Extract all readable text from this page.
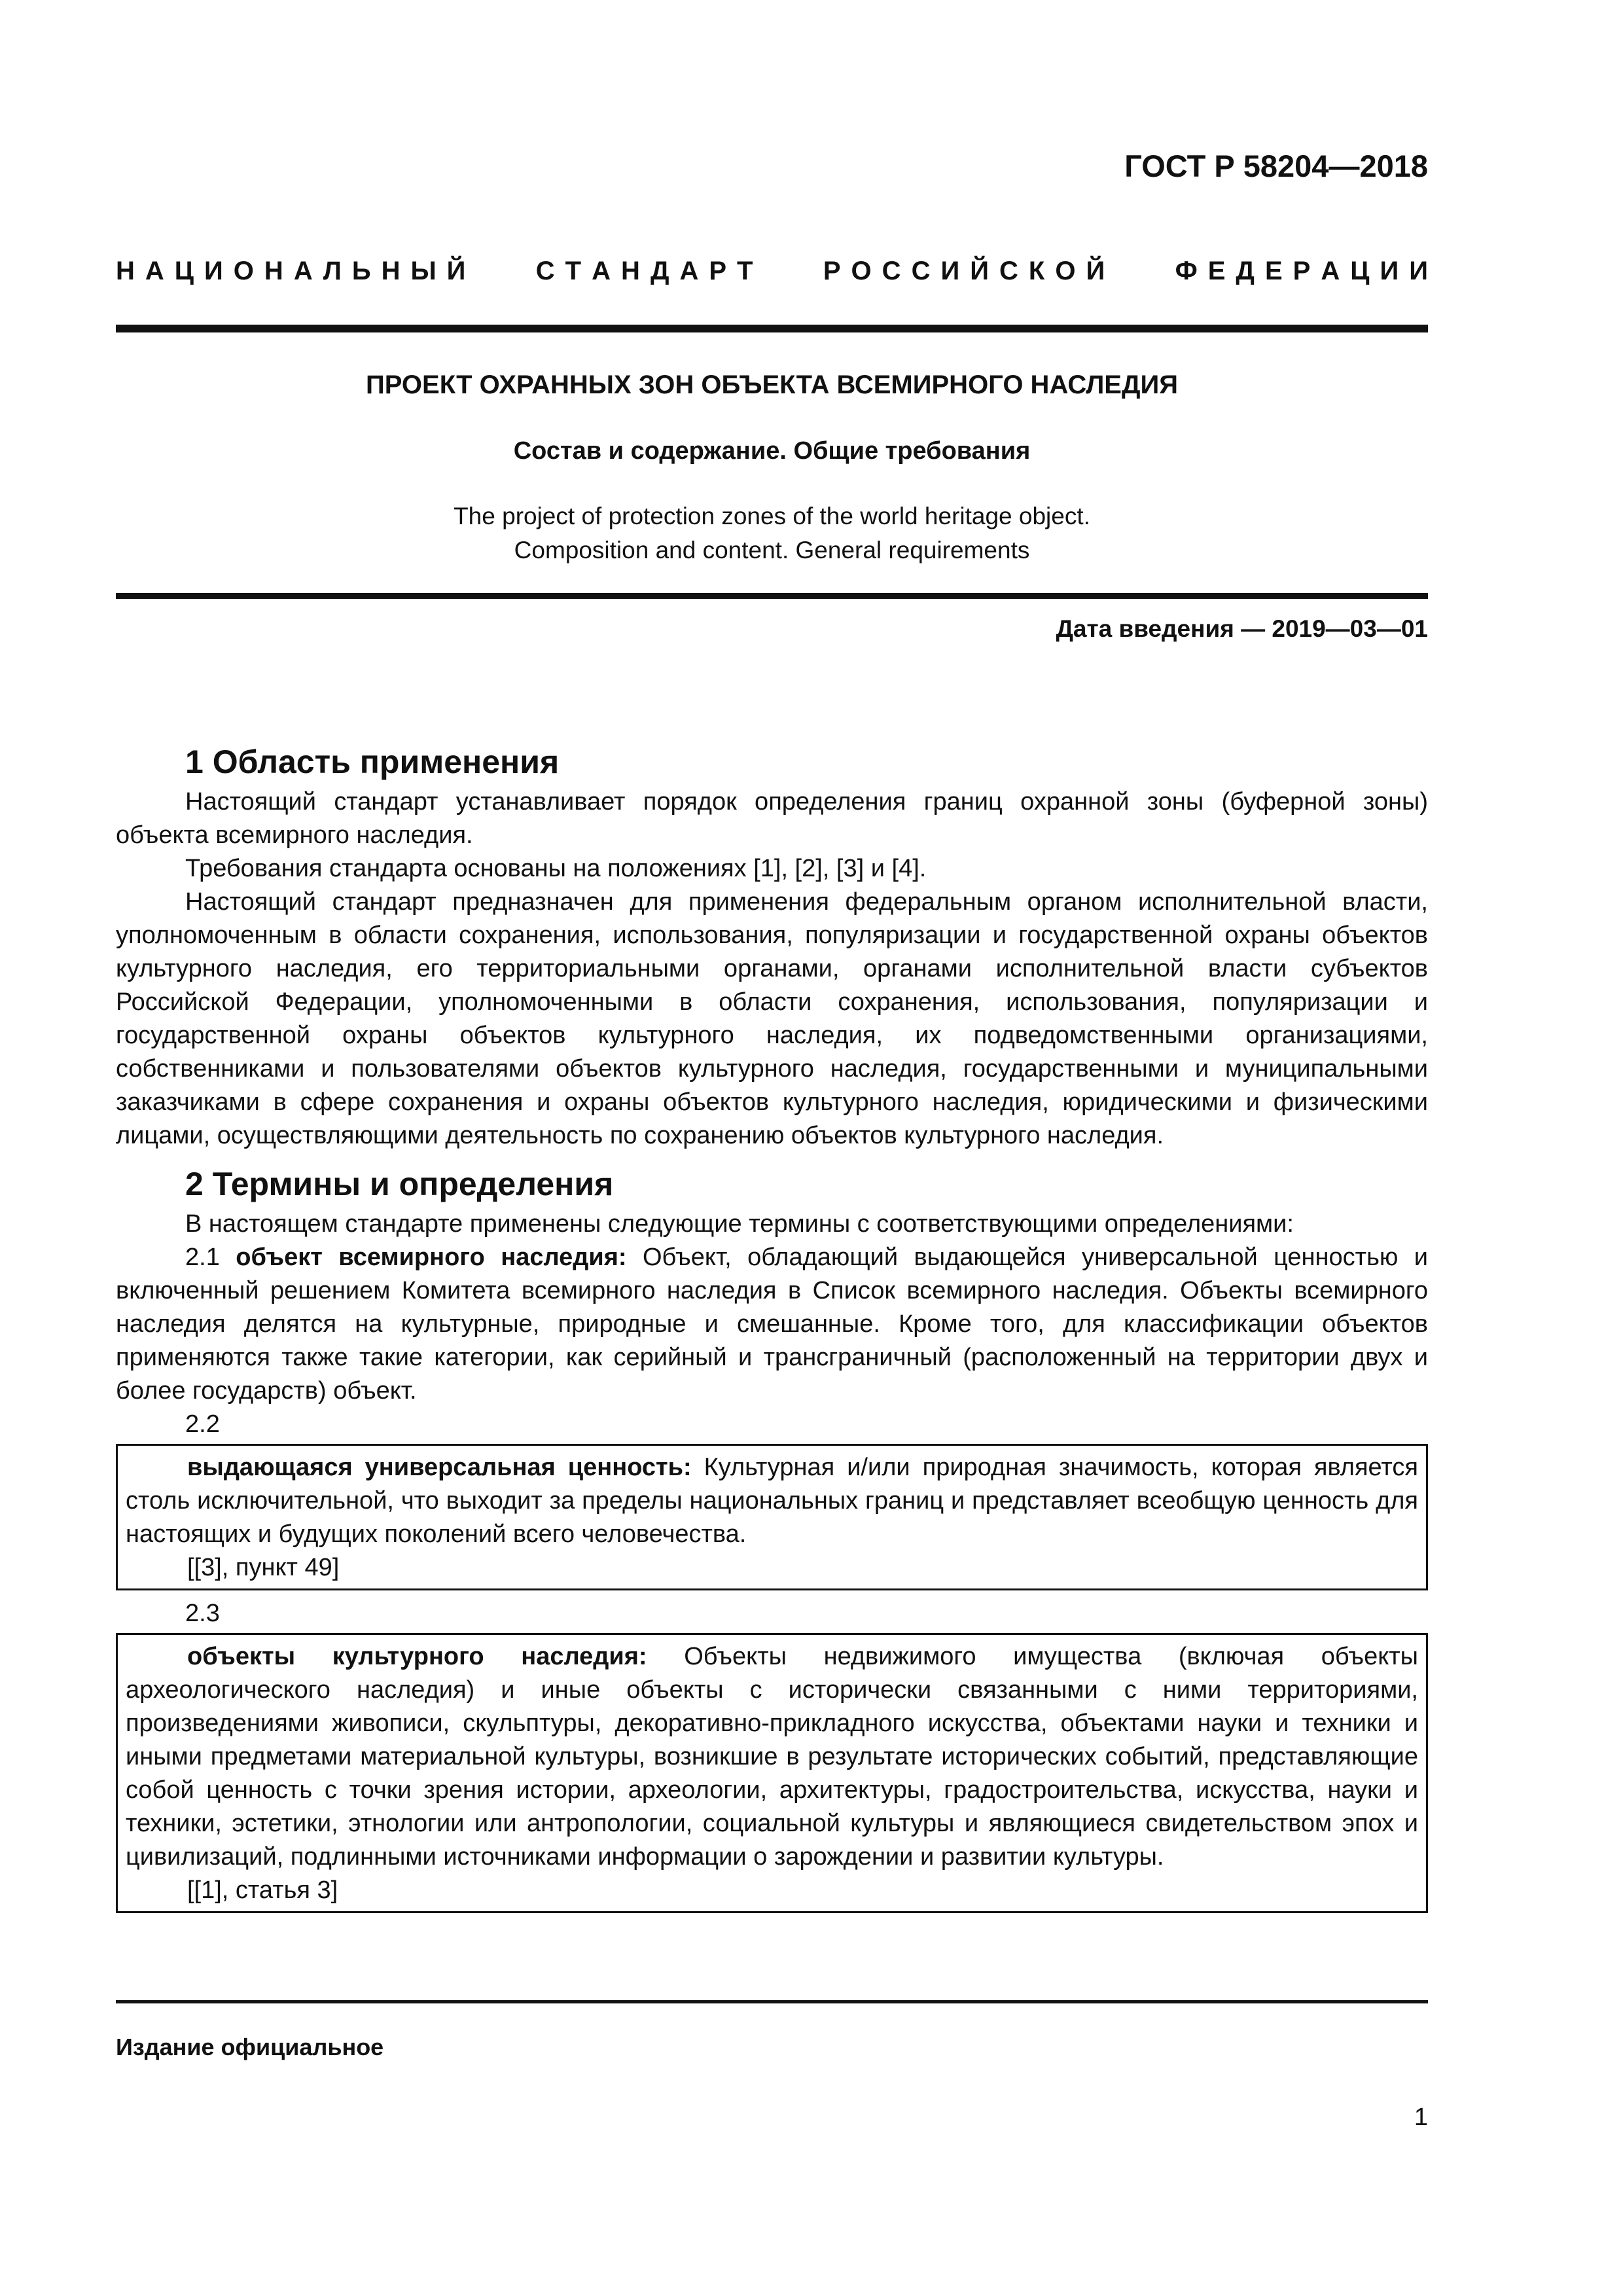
ГОСТ Р 58204—2018
Н  А  Ц  И  О  Н  А  Л  Ь  Н  Ы  Й	С  Т  А  Н  Д  А  Р  Т	Р  О  С  С  И  Й  С  К  О  Й	Ф  Е  Д  Е  Р  А  Ц  И  И
ПРОЕКТ ОХРАННЫХ ЗОН ОБЪЕКТА ВСЕМИРНОГО НАСЛЕДИЯ
Состав и содержание. Общие требования
The project of protection zones of the world heritage object.
Composition and content. General requirements
Дата введения — 2019—03—01
1 Область применения

Настоящий стандарт устанавливает порядок определения границ охранной зоны (буферной зоны) объекта всемирного наследия.

Требования стандарта основаны на положениях [1], [2], [3] и [4].

Настоящий стандарт предназначен для применения федеральным органом исполнительной власти, уполномоченным в области сохранения, использования, популяризации и государственной охраны объектов культурного наследия, его территориальными органами, органами исполнительной власти субъектов Российской Федерации, уполномоченными в области сохранения, использования, популяризации и государственной охраны объектов культурного наследия, их подведомственными организациями, собственниками и пользователями объектов культурного наследия, государственными и муниципальными заказчиками в сфере сохранения и охраны объектов культурного наследия, юридическими и физическими лицами, осуществляющими деятельность по сохранению объектов культурного наследия.

2 Термины и определения

В настоящем стандарте применены следующие термины с соответствующими определениями:

2.1 объект всемирного наследия: Объект, обладающий выдающейся универсальной ценностью и включенный решением Комитета всемирного наследия в Список всемирного наследия. Объекты всемирного наследия делятся на культурные, природные и смешанные. Кроме того, для классификации объектов применяются также такие категории, как серийный и трансграничный (расположенный на территории двух и более государств) объект.

2.2

выдающаяся универсальная ценность: Культурная и/или природная значимость, которая является столь исключительной, что выходит за пределы национальных границ и представляет всеобщую ценность для настоящих и будущих поколений всего человечества.

[[3], пункт 49]

2.3

объекты культурного наследия: Объекты недвижимого имущества (включая объекты археологического наследия) и иные объекты с исторически связанными с ними территориями, произведениями живописи, скульптуры, декоративно-прикладного искусства, объектами науки и техники и иными предметами материальной культуры, возникшие в результате исторических событий, представляющие собой ценность с точки зрения истории, археологии, архитектуры, градостроительства, искусства, науки и техники, эстетики, этнологии или антропологии, социальной культуры и являющиеся свидетельством эпох и цивилизаций, подлинными источниками информации о зарождении и развитии культуры.

[[1], статья 3]

Издание официальное
1
